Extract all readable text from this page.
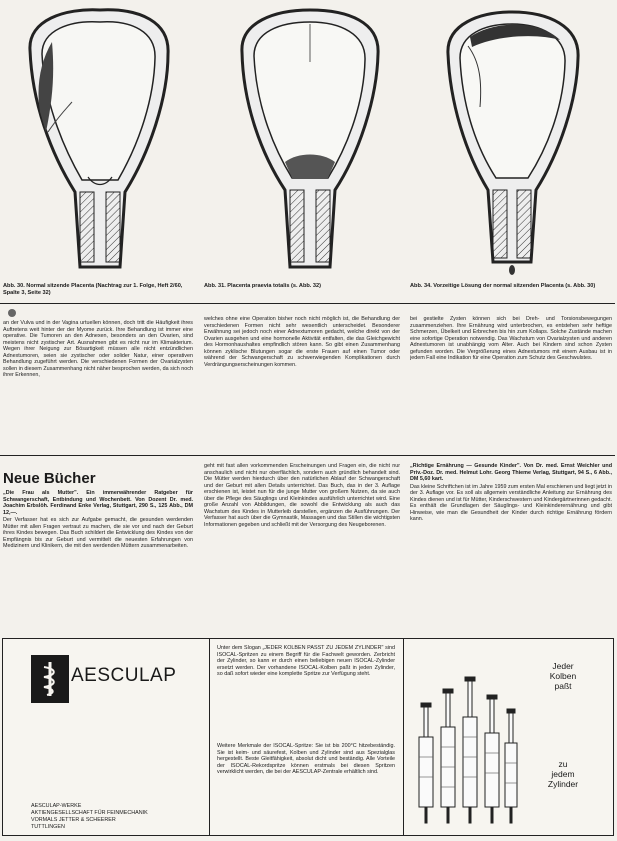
Abb. 30. Normal sitzende Placenta (Nachtrag zur 1. Folge, Heft 2/60, Spalte 3, Seite 32)
Abb. 31. Placenta praevia totalis (s. Abb. 32)	Abb. 34. Vorzeitige Lösung der normal sitzenden Placenta (s. Abb. 30)
an der Vulva und in der Vagina urtuellen können, doch tritt die Häufigkeit ihres Auftretens weit hinter der der Myome zurück. Ihre Behandlung ist immer eine operative. Die Tumoren an den Adnexen, besonders an den Ovarien, sind meistens nicht zystischer Art. Ausnahmen gibt es nicht nur im Klimakterium. Wegen ihrer Neigung zur Bösartigkeit müssen alle nicht entzündlichen Adnextumoren, seien sie zystischer oder solider Natur, einer operativen Behandlung zugeführt werden. Die verschiedenen Formen der Ovarialzysten sollen in diesem Zusammenhang nicht näher besprochen werden, da sich noch ihrer Erkennen,
welches ohne eine Operation bisher noch nicht möglich ist, die Behandlung der verschiedenen Formen nicht sehr wesentlich unterscheidet. Besonderer Erwähnung sei jedoch noch einer Adnextumoren gedacht, welche direkt von der Ovarien ausgehen und eine hormonelle Aktivität entfalten, die das Gleichgewicht des Hormonhaushaltes empfindlich stören kann. So gibt einen Zusammenhang können zyklische Blutungen sogar die erste Frauen auf einen Tumor oder während der Schwangerschaft zu schwerwiegenden Komplikationen durch Verdrängungserscheinungen kommen.
bei gestielte Zysten können sich bei Dreh- und Torsionsbewegungen zusammenziehen. Ihre Ernährung wird unterbrochen, es entstehen sehr heftige Schmerzen, Übelkeit und Erbrechen bis hin zum Kollaps. Solche Zustände machen eine sofortige Operation notwendig. Das Wachstum von Ovarialzysten und anderen Adnextumoren ist unabhängig vom Alter. Auch bei Kindern sind schon Zysten gefunden worden. Die Vergrößerung eines Adnextumors mit einem Ausbau ist in jedem Fall eine Indikation für eine Operation zum Schutz des Geschwulstes.
Neue Bücher

„Die Frau als Mutter". Ein immerwährender Ratgeber für Schwangerschaft, Entbindung und Wochenbett. Von Dozent Dr. med. Joachim Erbslöh. Ferdinand Enke Verlag, Stuttgart, 290 S., 125 Abb., DM 12,—.

Der Verfasser hat es sich zur Aufgabe gemacht, die gesunden werdenden Mütter mit allen Fragen vertraut zu machen, die sie vor und nach der Geburt ihres Kindes bewegen. Das Buch schildert die Entwicklung des Kindes von der Empfängnis bis zur Geburt und vermittelt die neuesten Erfahrungen von Medizinern und Klinikern, die mit den werdenden Müttern zusammenarbeiten.

geht mit fast allen vorkommenden Erscheinungen und Fragen ein, die nicht nur anschaulich und nicht nur oberflächlich, sondern auch gründlich behandelt sind. Die Mütter werden hierdurch über den natürlichen Ablauf der Schwangerschaft und der Geburt mit allen Details unterrichtet. Das Buch, das in der 3. Auflage erschienen ist, leistet nun für die junge Mutter von großem Nutzen, da sie auch über die Pflege des Säuglings und Kleinkindes ausführlich unterrichtet wird. Eine große Anzahl von Abbildungen, die sowohl die Entwicklung als auch das Wachstum des Kindes in Mutterleib darstellen, ergänzen die Ausführungen. Der Verfasser hat auch über die Gymnastik, Massagen und das Stillen die wichtigsten Informationen gegeben und schließt mit der Versorgung des Neugeborenen.

„Richtige Ernährung — Gesunde Kinder". Von Dr. med. Ernst Weichler und Priv.-Doz. Dr. med. Helmut Lohr. Georg Thieme Verlag, Stuttgart, 94 S., 6 Abb., DM 5,60 kart.

Das kleine Schriftchen ist im Jahre 1959 zum ersten Mal erschienen und liegt jetzt in der 3. Auflage vor. Es soll als allgemein verständliche Anleitung zur Ernährung des Kindes dienen und ist für Mütter, Kinderschwestern und Kindergärtnerinnen gedacht. Es enthält die Grundlagen der Säuglings- und Kleinkinderernährung und gibt Hinweise, wie man die Gesundheit der Kinder durch richtige Ernährung fördern kann.

AESCULAP
AESCULAP-WERKE
AKTIENGESELLSCHAFT FÜR FEINMECHANIK
VORMALS JETTER & SCHEERER
TUTTLINGEN
Unter dem Slogan „JEDER KOLBEN PASST ZU JEDEM ZYLINDER" sind ISOCAL-Spritzen zu einem Begriff für die Fachwelt geworden. Zerbricht der Zylinder, so kann er durch einen beliebigen neuen ISOCAL-Zylinder ersetzt werden. Der vorhandene ISOCAL-Kolben paßt in jeden Zylinder, so daß sofort wieder eine komplette Spritze zur Verfügung steht.
Weitere Merkmale der ISOCAL-Spritze: Sie ist bis 200°C hitzebeständig. Sie ist keim- und säurefest, Kolben und Zylinder sind aus Spezialglas hergestellt. Beste Gleitfähigkeit, absolut dicht und beständig. Alle Vorteile der ISOCAL-Rekordspritze können erstmals bei diesen Spritzen verwirklicht werden, die bei der AESCULAP-Zentrale erhältlich sind.
Jeder
Kolben
paßt
zu
jedem
Zylinder
